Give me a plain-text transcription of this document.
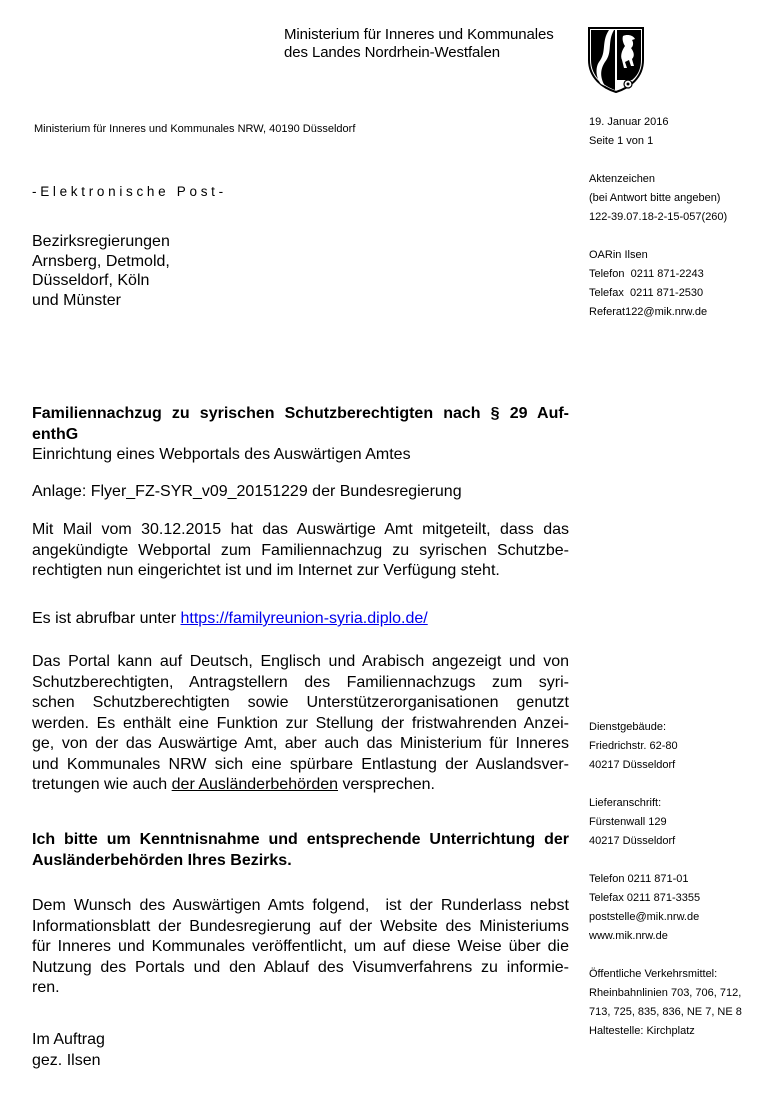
Ministerium für Inneres und Kommunales
des Landes Nordrhein-Westfalen
Ministerium für Inneres und Kommunales NRW, 40190 Düsseldorf
-Elektronische Post-
Bezirksregierungen
Arnsberg, Detmold,
Düsseldorf, Köln
und Münster
19. Januar 2016
Seite 1 von 1
Aktenzeichen
(bei Antwort bitte angeben)
122-39.07.18-2-15-057(260)
OARin Ilsen
Telefon  0211 871-2243
Telefax  0211 871-2530
Referat122@mik.nrw.de
Dienstgebäude:
Friedrichstr. 62-80
40217 Düsseldorf
Lieferanschrift:
Fürstenwall 129
40217 Düsseldorf
Telefon 0211 871-01
Telefax 0211 871-3355
poststelle@mik.nrw.de
www.mik.nrw.de
Öffentliche Verkehrsmittel:
Rheinbahnlinien 703, 706, 712,
713, 725, 835, 836, NE 7, NE 8
Haltestelle: Kirchplatz
Familiennachzug zu syrischen Schutzberechtigten nach § 29 Auf-
enthG
Einrichtung eines Webportals des Auswärtigen Amtes
Anlage: Flyer_FZ-SYR_v09_20151229 der Bundesregierung
Mit Mail vom 30.12.2015 hat das Auswärtige Amt mitgeteilt, dass das
angekündigte Webportal zum Familiennachzug zu syrischen Schutzbe-
rechtigten nun eingerichtet ist und im Internet zur Verfügung steht.
Es ist abrufbar unter https://familyreunion-syria.diplo.de/
Das Portal kann auf Deutsch, Englisch und Arabisch angezeigt und von
Schutzberechtigten, Antragstellern des Familiennachzugs zum syri-
schen Schutzberechtigten sowie Unterstützerorganisationen genutzt
werden. Es enthält eine Funktion zur Stellung der fristwahrenden Anzei-
ge, von der das Auswärtige Amt, aber auch das Ministerium für Inneres
und Kommunales NRW sich eine spürbare Entlastung der Auslandsver-
tretungen wie auch der Ausländerbehörden versprechen.
Ich bitte um Kenntnisnahme und entsprechende Unterrichtung der
Ausländerbehörden Ihres Bezirks.
Dem Wunsch des Auswärtigen Amts folgend,  ist der Runderlass nebst
Informationsblatt der Bundesregierung auf der Website des Ministeriums
für Inneres und Kommunales veröffentlicht, um auf diese Weise über die
Nutzung des Portals und den Ablauf des Visumverfahrens zu informie-
ren.
Im Auftrag
gez. Ilsen
